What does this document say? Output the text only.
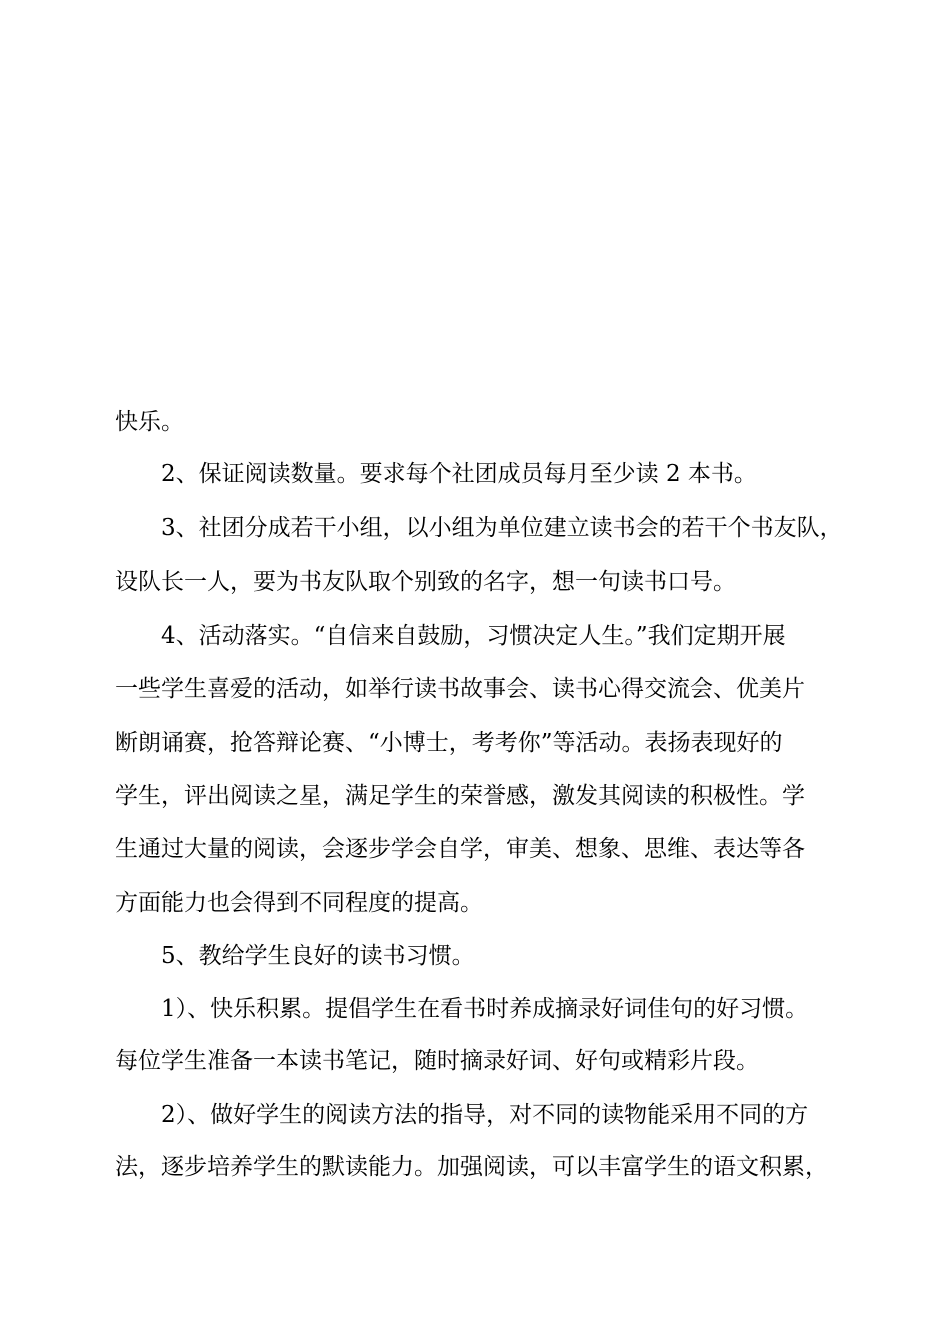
快乐。
2、保证阅读数量。要求每个社团成员每月至少读 2 本书。
3、社团分成若干小组，以小组为单位建立读书会的若干个书友队，
设队长一人，要为书友队取个别致的名字，想一句读书口号。
4、活动落实。“自信来自鼓励，习惯决定人生。”我们定期开展
一些学生喜爱的活动，如举行读书故事会、读书心得交流会、优美片
断朗诵赛，抢答辩论赛、“小博士，考考你”等活动。表扬表现好的
学生，评出阅读之星，满足学生的荣誉感，激发其阅读的积极性。学
生通过大量的阅读，会逐步学会自学，审美、想象、思维、表达等各
方面能力也会得到不同程度的提高。
5、教给学生良好的读书习惯。
1）、快乐积累。提倡学生在看书时养成摘录好词佳句的好习惯。
每位学生准备一本读书笔记，随时摘录好词、好句或精彩片段。
2）、做好学生的阅读方法的指导，对不同的读物能采用不同的方
法，逐步培养学生的默读能力。加强阅读，可以丰富学生的语文积累，
